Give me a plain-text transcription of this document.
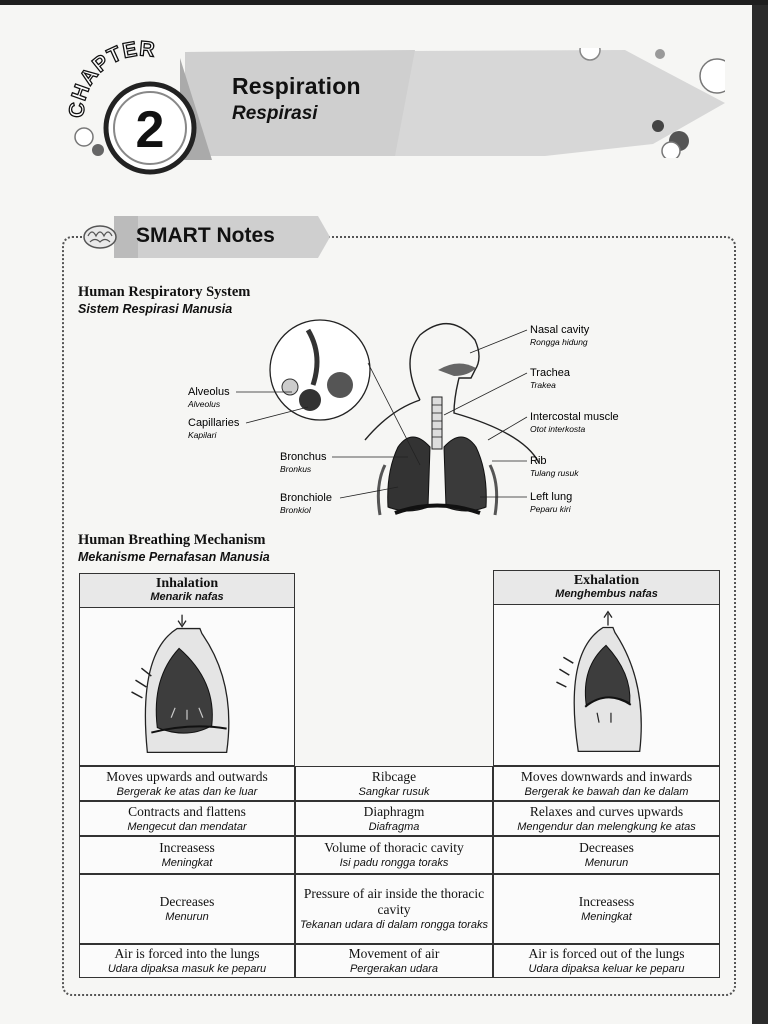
2
CHAPTER
Respiration
Respirasi
SMART Notes
Human Respiratory System
Sistem Respirasi Manusia
Alveolus
Alveolus
Capillaries
Kapilari
Bronchus
Bronkus
Bronchiole
Bronkiol
Nasal cavity
Rongga hidung
Trachea
Trakea
Intercostal muscle
Otot interkosta
Rib
Tulang rusuk
Left lung
Peparu kiri
Human Breathing Mechanism
Mekanisme Pernafasan Manusia
Inhalation
Menarik nafas
Exhalation
Menghembus nafas
Moves upwards and outwards
Bergerak ke atas dan ke luar
Ribcage
Sangkar rusuk
Moves downwards and inwards
Bergerak ke bawah dan ke dalam
Contracts and flattens
Mengecut dan mendatar
Diaphragm
Diafragma
Relaxes and curves upwards
Mengendur dan melengkung ke atas
Increasess
Meningkat
Volume of thoracic cavity
Isi padu rongga toraks
Decreases
Menurun
Decreases
Menurun
Pressure of air inside the thoracic cavity
Tekanan udara di dalam rongga toraks
Increasess
Meningkat
Air is forced into the lungs
Udara dipaksa masuk ke peparu
Movement of air
Pergerakan udara
Air is forced out of the lungs
Udara dipaksa keluar ke peparu
